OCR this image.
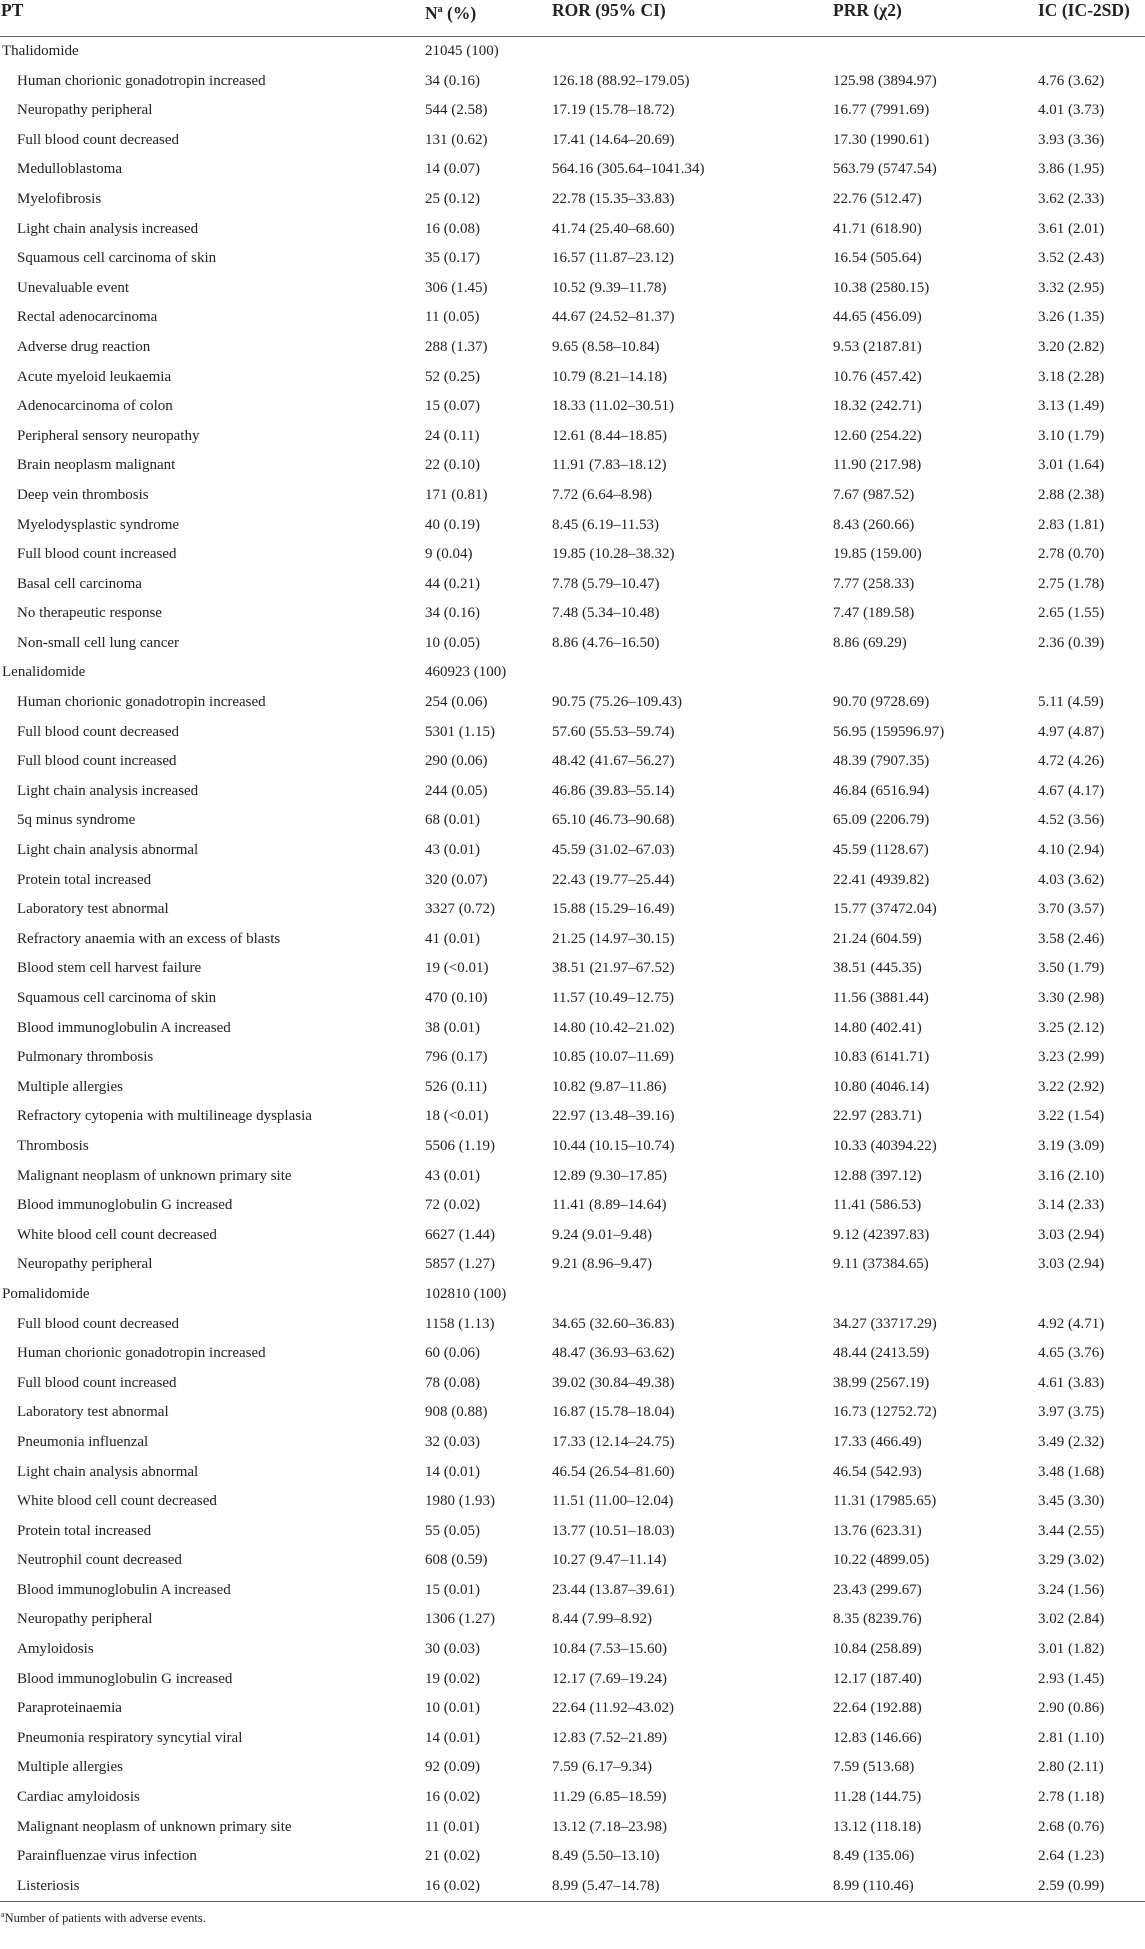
PT	$N^a$ (%)	ROR (95% CI)	PRR (χ2)	IC (IC-2SD)
Thalidomide	21045 (100)			
Human chorionic gonadotropin increased	34 (0.16)	126.18 (88.92–179.05)	125.98 (3894.97)	4.76 (3.62)
Neuropathy peripheral	544 (2.58)	17.19 (15.78–18.72)	16.77 (7991.69)	4.01 (3.73)
Full blood count decreased	131 (0.62)	17.41 (14.64–20.69)	17.30 (1990.61)	3.93 (3.36)
Medulloblastoma	14 (0.07)	564.16 (305.64–1041.34)	563.79 (5747.54)	3.86 (1.95)
Myelofibrosis	25 (0.12)	22.78 (15.35–33.83)	22.76 (512.47)	3.62 (2.33)
Light chain analysis increased	16 (0.08)	41.74 (25.40–68.60)	41.71 (618.90)	3.61 (2.01)
Squamous cell carcinoma of skin	35 (0.17)	16.57 (11.87–23.12)	16.54 (505.64)	3.52 (2.43)
Unevaluable event	306 (1.45)	10.52 (9.39–11.78)	10.38 (2580.15)	3.32 (2.95)
Rectal adenocarcinoma	11 (0.05)	44.67 (24.52–81.37)	44.65 (456.09)	3.26 (1.35)
Adverse drug reaction	288 (1.37)	9.65 (8.58–10.84)	9.53 (2187.81)	3.20 (2.82)
Acute myeloid leukaemia	52 (0.25)	10.79 (8.21–14.18)	10.76 (457.42)	3.18 (2.28)
Adenocarcinoma of colon	15 (0.07)	18.33 (11.02–30.51)	18.32 (242.71)	3.13 (1.49)
Peripheral sensory neuropathy	24 (0.11)	12.61 (8.44–18.85)	12.60 (254.22)	3.10 (1.79)
Brain neoplasm malignant	22 (0.10)	11.91 (7.83–18.12)	11.90 (217.98)	3.01 (1.64)
Deep vein thrombosis	171 (0.81)	7.72 (6.64–8.98)	7.67 (987.52)	2.88 (2.38)
Myelodysplastic syndrome	40 (0.19)	8.45 (6.19–11.53)	8.43 (260.66)	2.83 (1.81)
Full blood count increased	9 (0.04)	19.85 (10.28–38.32)	19.85 (159.00)	2.78 (0.70)
Basal cell carcinoma	44 (0.21)	7.78 (5.79–10.47)	7.77 (258.33)	2.75 (1.78)
No therapeutic response	34 (0.16)	7.48 (5.34–10.48)	7.47 (189.58)	2.65 (1.55)
Non-small cell lung cancer	10 (0.05)	8.86 (4.76–16.50)	8.86 (69.29)	2.36 (0.39)
Lenalidomide	460923 (100)			
Human chorionic gonadotropin increased	254 (0.06)	90.75 (75.26–109.43)	90.70 (9728.69)	5.11 (4.59)
Full blood count decreased	5301 (1.15)	57.60 (55.53–59.74)	56.95 (159596.97)	4.97 (4.87)
Full blood count increased	290 (0.06)	48.42 (41.67–56.27)	48.39 (7907.35)	4.72 (4.26)
Light chain analysis increased	244 (0.05)	46.86 (39.83–55.14)	46.84 (6516.94)	4.67 (4.17)
5q minus syndrome	68 (0.01)	65.10 (46.73–90.68)	65.09 (2206.79)	4.52 (3.56)
Light chain analysis abnormal	43 (0.01)	45.59 (31.02–67.03)	45.59 (1128.67)	4.10 (2.94)
Protein total increased	320 (0.07)	22.43 (19.77–25.44)	22.41 (4939.82)	4.03 (3.62)
Laboratory test abnormal	3327 (0.72)	15.88 (15.29–16.49)	15.77 (37472.04)	3.70 (3.57)
Refractory anaemia with an excess of blasts	41 (0.01)	21.25 (14.97–30.15)	21.24 (604.59)	3.58 (2.46)
Blood stem cell harvest failure	19 (<0.01)	38.51 (21.97–67.52)	38.51 (445.35)	3.50 (1.79)
Squamous cell carcinoma of skin	470 (0.10)	11.57 (10.49–12.75)	11.56 (3881.44)	3.30 (2.98)
Blood immunoglobulin A increased	38 (0.01)	14.80 (10.42–21.02)	14.80 (402.41)	3.25 (2.12)
Pulmonary thrombosis	796 (0.17)	10.85 (10.07–11.69)	10.83 (6141.71)	3.23 (2.99)
Multiple allergies	526 (0.11)	10.82 (9.87–11.86)	10.80 (4046.14)	3.22 (2.92)
Refractory cytopenia with multilineage dysplasia	18 (<0.01)	22.97 (13.48–39.16)	22.97 (283.71)	3.22 (1.54)
Thrombosis	5506 (1.19)	10.44 (10.15–10.74)	10.33 (40394.22)	3.19 (3.09)
Malignant neoplasm of unknown primary site	43 (0.01)	12.89 (9.30–17.85)	12.88 (397.12)	3.16 (2.10)
Blood immunoglobulin G increased	72 (0.02)	11.41 (8.89–14.64)	11.41 (586.53)	3.14 (2.33)
White blood cell count decreased	6627 (1.44)	9.24 (9.01–9.48)	9.12 (42397.83)	3.03 (2.94)
Neuropathy peripheral	5857 (1.27)	9.21 (8.96–9.47)	9.11 (37384.65)	3.03 (2.94)
Pomalidomide	102810 (100)			
Full blood count decreased	1158 (1.13)	34.65 (32.60–36.83)	34.27 (33717.29)	4.92 (4.71)
Human chorionic gonadotropin increased	60 (0.06)	48.47 (36.93–63.62)	48.44 (2413.59)	4.65 (3.76)
Full blood count increased	78 (0.08)	39.02 (30.84–49.38)	38.99 (2567.19)	4.61 (3.83)
Laboratory test abnormal	908 (0.88)	16.87 (15.78–18.04)	16.73 (12752.72)	3.97 (3.75)
Pneumonia influenzal	32 (0.03)	17.33 (12.14–24.75)	17.33 (466.49)	3.49 (2.32)
Light chain analysis abnormal	14 (0.01)	46.54 (26.54–81.60)	46.54 (542.93)	3.48 (1.68)
White blood cell count decreased	1980 (1.93)	11.51 (11.00–12.04)	11.31 (17985.65)	3.45 (3.30)
Protein total increased	55 (0.05)	13.77 (10.51–18.03)	13.76 (623.31)	3.44 (2.55)
Neutrophil count decreased	608 (0.59)	10.27 (9.47–11.14)	10.22 (4899.05)	3.29 (3.02)
Blood immunoglobulin A increased	15 (0.01)	23.44 (13.87–39.61)	23.43 (299.67)	3.24 (1.56)
Neuropathy peripheral	1306 (1.27)	8.44 (7.99–8.92)	8.35 (8239.76)	3.02 (2.84)
Amyloidosis	30 (0.03)	10.84 (7.53–15.60)	10.84 (258.89)	3.01 (1.82)
Blood immunoglobulin G increased	19 (0.02)	12.17 (7.69–19.24)	12.17 (187.40)	2.93 (1.45)
Paraproteinaemia	10 (0.01)	22.64 (11.92–43.02)	22.64 (192.88)	2.90 (0.86)
Pneumonia respiratory syncytial viral	14 (0.01)	12.83 (7.52–21.89)	12.83 (146.66)	2.81 (1.10)
Multiple allergies	92 (0.09)	7.59 (6.17–9.34)	7.59 (513.68)	2.80 (2.11)
Cardiac amyloidosis	16 (0.02)	11.29 (6.85–18.59)	11.28 (144.75)	2.78 (1.18)
Malignant neoplasm of unknown primary site	11 (0.01)	13.12 (7.18–23.98)	13.12 (118.18)	2.68 (0.76)
Parainfluenzae virus infection	21 (0.02)	8.49 (5.50–13.10)	8.49 (135.06)	2.64 (1.23)
Listeriosis	16 (0.02)	8.99 (5.47–14.78)	8.99 (110.46)	2.59 (0.99)
$^a$Number of patients with adverse events.
